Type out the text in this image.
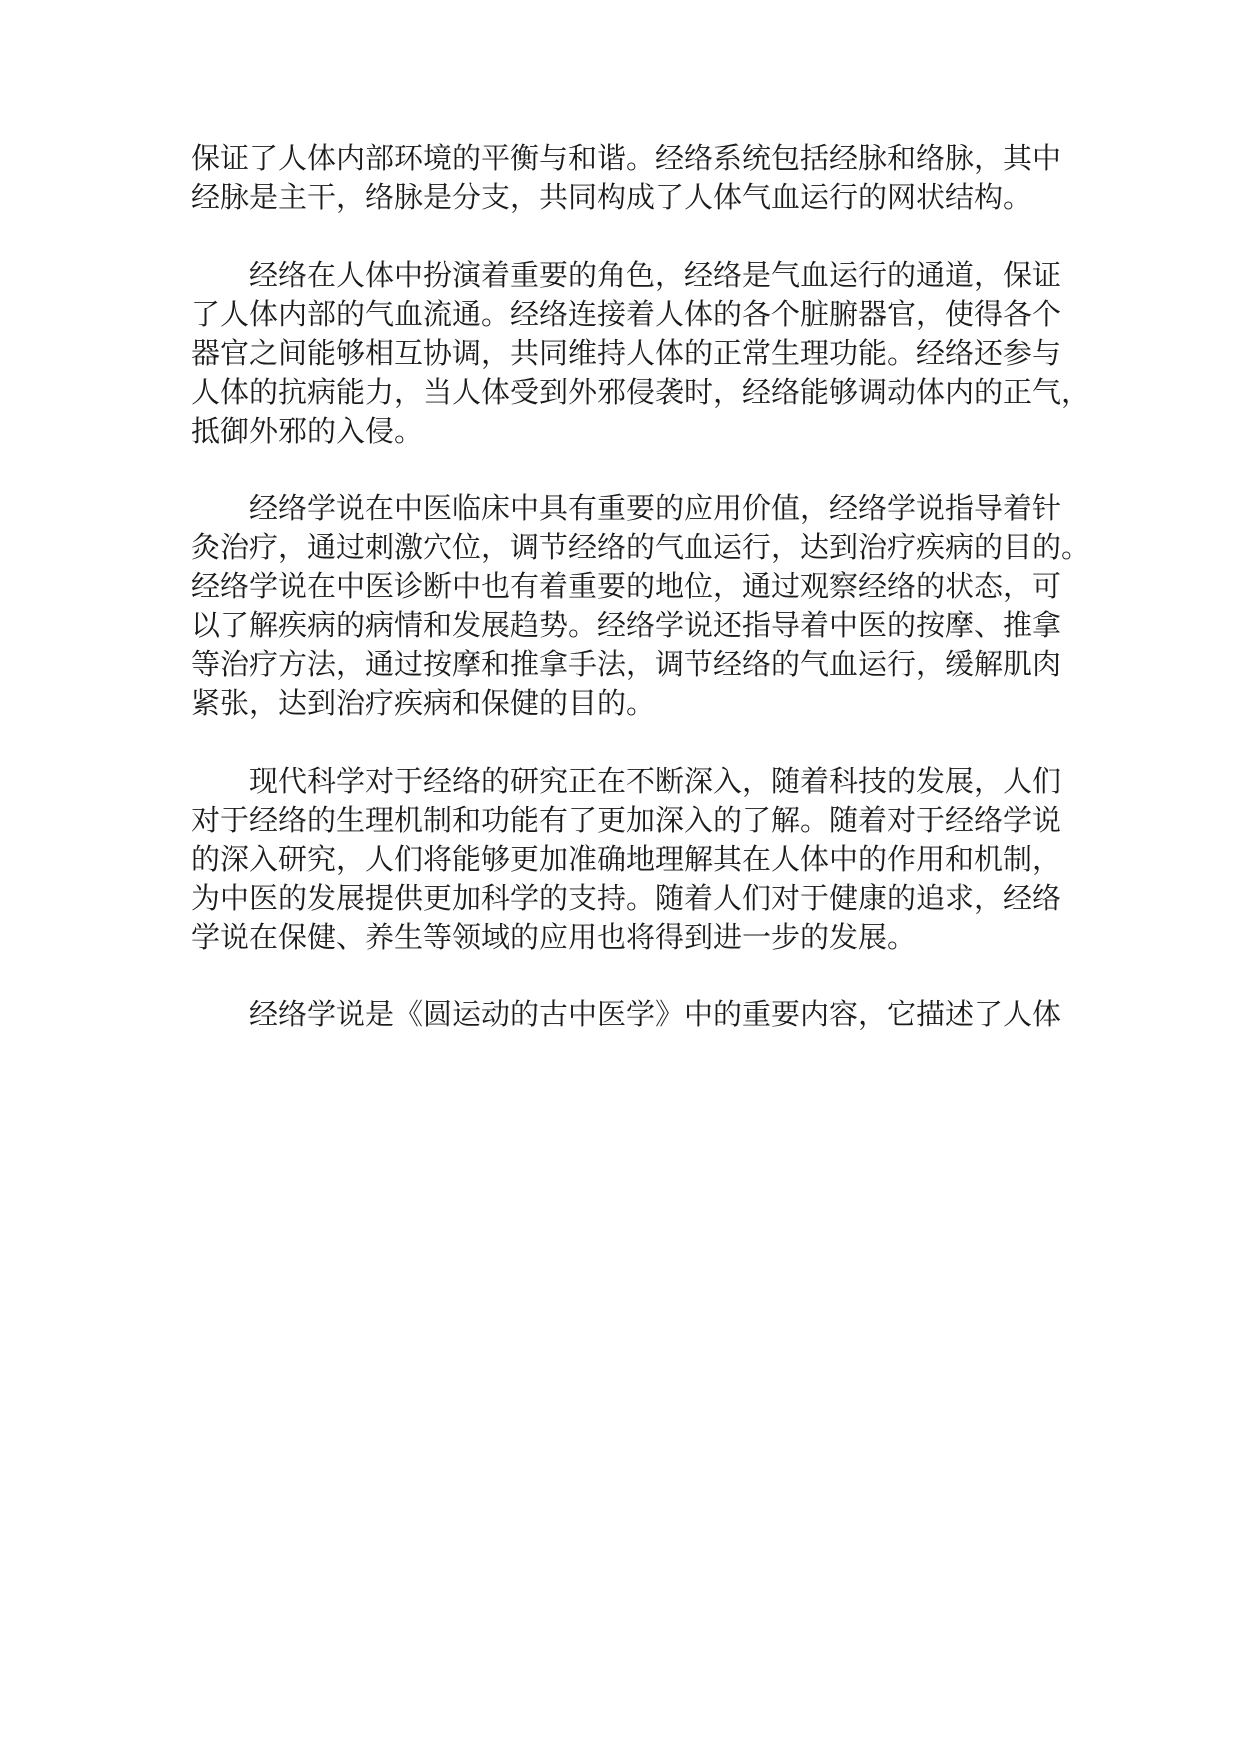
保证了人体内部环境的平衡与和谐。经络系统包括经脉和络脉，其中
经脉是主干，络脉是分支，共同构成了人体气血运行的网状结构。
经络在人体中扮演着重要的角色，经络是气血运行的通道，保证
了人体内部的气血流通。经络连接着人体的各个脏腑器官，使得各个
器官之间能够相互协调，共同维持人体的正常生理功能。经络还参与
人体的抗病能力，当人体受到外邪侵袭时，经络能够调动体内的正气，
抵御外邪的入侵。
经络学说在中医临床中具有重要的应用价值，经络学说指导着针
灸治疗，通过刺激穴位，调节经络的气血运行，达到治疗疾病的目的。
经络学说在中医诊断中也有着重要的地位，通过观察经络的状态，可
以了解疾病的病情和发展趋势。经络学说还指导着中医的按摩、推拿
等治疗方法，通过按摩和推拿手法，调节经络的气血运行，缓解肌肉
紧张，达到治疗疾病和保健的目的。
现代科学对于经络的研究正在不断深入，随着科技的发展，人们
对于经络的生理机制和功能有了更加深入的了解。随着对于经络学说
的深入研究，人们将能够更加准确地理解其在人体中的作用和机制，
为中医的发展提供更加科学的支持。随着人们对于健康的追求，经络
学说在保健、养生等领域的应用也将得到进一步的发展。
经络学说是《圆运动的古中医学》中的重要内容，它描述了人体
